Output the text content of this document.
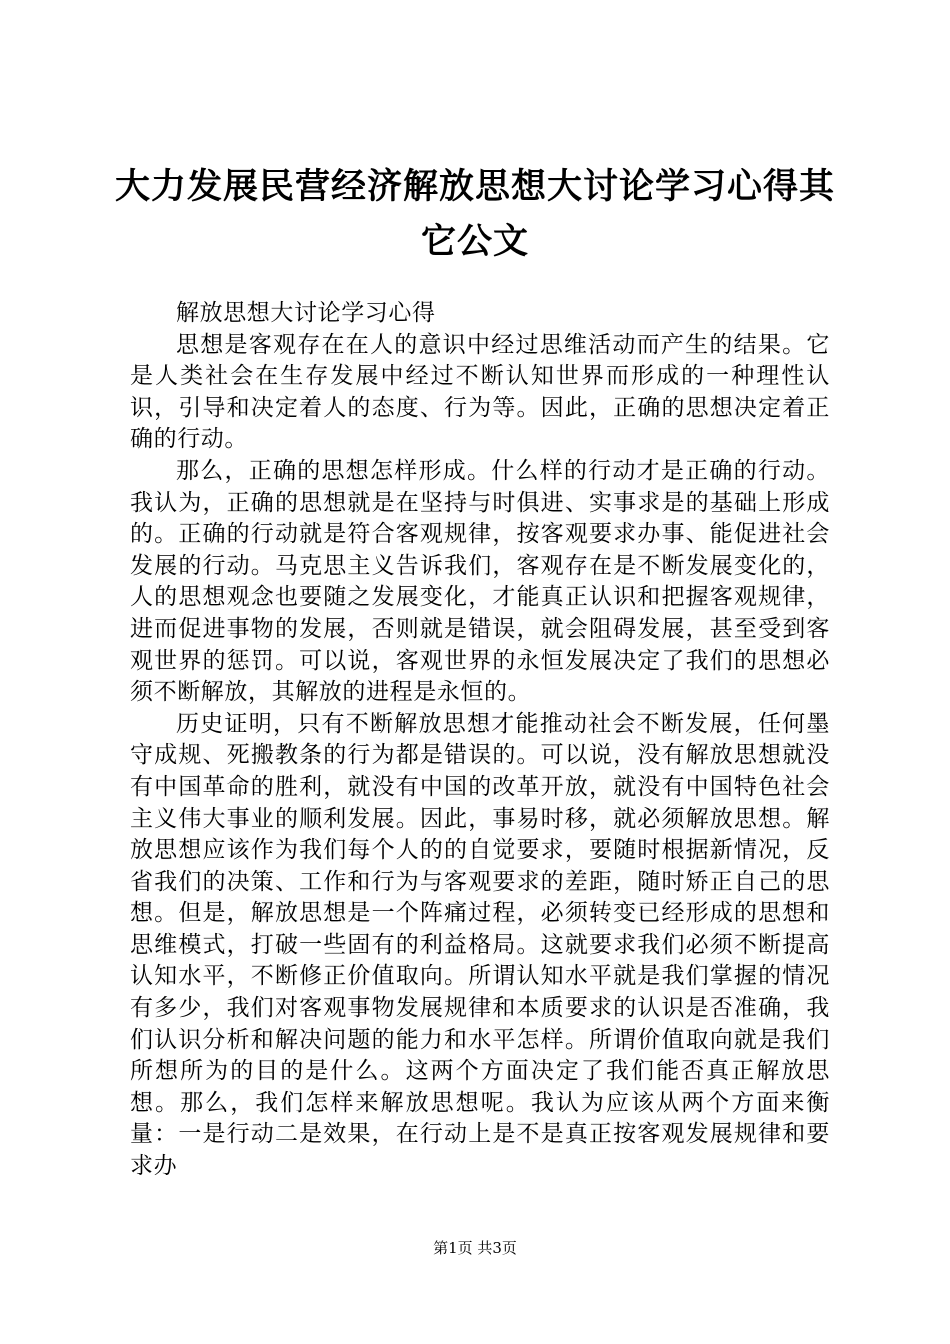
大力发展民营经济解放思想大讨论学习心得其它公文

解放思想大讨论学习心得

思想是客观存在在人的意识中经过思维活动而产生的结果。它是人类社会在生存发展中经过不断认知世界而形成的一种理性认识，引导和决定着人的态度、行为等。因此，正确的思想决定着正确的行动。

那么，正确的思想怎样形成。什么样的行动才是正确的行动。我认为，正确的思想就是在坚持与时俱进、实事求是的基础上形成的。正确的行动就是符合客观规律，按客观要求办事、能促进社会发展的行动。马克思主义告诉我们，客观存在是不断发展变化的，人的思想观念也要随之发展变化，才能真正认识和把握客观规律，进而促进事物的发展，否则就是错误，就会阻碍发展，甚至受到客观世界的惩罚。可以说，客观世界的永恒发展决定了我们的思想必须不断解放，其解放的进程是永恒的。

历史证明，只有不断解放思想才能推动社会不断发展，任何墨守成规、死搬教条的行为都是错误的。可以说，没有解放思想就没有中国革命的胜利，就没有中国的改革开放，就没有中国特色社会主义伟大事业的顺利发展。因此，事易时移，就必须解放思想。解放思想应该作为我们每个人的的自觉要求，要随时根据新情况，反省我们的决策、工作和行为与客观要求的差距，随时矫正自己的思想。但是，解放思想是一个阵痛过程，必须转变已经形成的思想和思维模式，打破一些固有的利益格局。这就要求我们必须不断提高认知水平，不断修正价值取向。所谓认知水平就是我们掌握的情况有多少，我们对客观事物发展规律和本质要求的认识是否准确，我们认识分析和解决问题的能力和水平怎样。所谓价值取向就是我们所想所为的目的是什么。这两个方面决定了我们能否真正解放思想。那么，我们怎样来解放思想呢。我认为应该从两个方面来衡量：一是行动二是效果，在行动上是不是真正按客观发展规律和要求办

第1页 共3页
